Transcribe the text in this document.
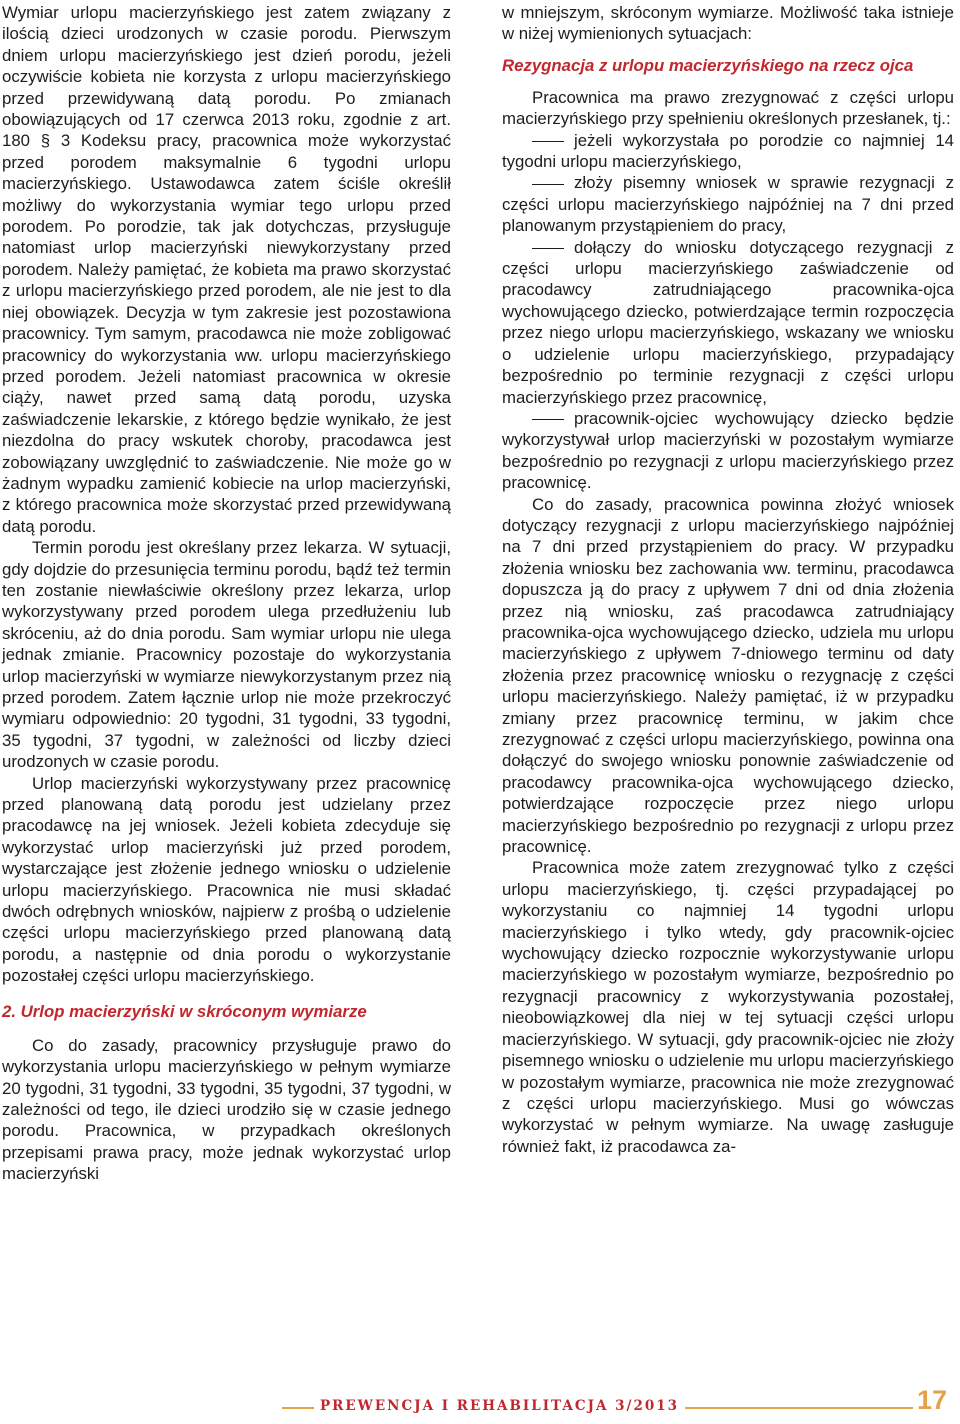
Wymiar urlopu macierzyńskiego jest zatem związany z ilością dzieci urodzonych w czasie porodu. Pierwszym dniem urlopu macierzyńskiego jest dzień porodu, jeżeli oczywiście kobieta nie korzysta z urlopu macierzyńskiego przed przewidywaną datą porodu. Po zmianach obowiązujących od 17 czerwca 2013 roku, zgodnie z art. 180 § 3 Kodeksu pracy, pracownica może wykorzystać przed porodem maksymalnie 6 tygodni urlopu macierzyńskiego. Ustawodawca zatem ściśle określił możliwy do wykorzystania wymiar tego urlopu przed porodem. Po porodzie, tak jak dotychczas, przysługuje natomiast urlop macierzyński niewykorzystany przed porodem. Należy pamiętać, że kobieta ma prawo skorzystać z urlopu macierzyńskiego przed porodem, ale nie jest to dla niej obowiązek. Decyzja w tym zakresie jest pozostawiona pracownicy. Tym samym, pracodawca nie może zobligować pracownicy do wykorzystania ww. urlopu macierzyńskiego przed porodem. Jeżeli natomiast pracownica w okresie ciąży, nawet przed samą datą porodu, uzyska zaświadczenie lekarskie, z którego będzie wynikało, że jest niezdolna do pracy wskutek choroby, pracodawca jest zobowiązany uwzględnić to zaświadczenie. Nie może go w żadnym wypadku zamienić kobiecie na urlop macierzyński, z którego pracownica może skorzystać przed przewidywaną datą porodu.

Termin porodu jest określany przez lekarza. W sytuacji, gdy dojdzie do przesunięcia terminu porodu, bądź też termin ten zostanie niewłaściwie określony przez lekarza, urlop wykorzystywany przed porodem ulega przedłużeniu lub skróceniu, aż do dnia porodu. Sam wymiar urlopu nie ulega jednak zmianie. Pracownicy pozostaje do wykorzystania urlop macierzyński w wymiarze niewykorzystanym przez nią przed porodem. Zatem łącznie urlop nie może przekroczyć wymiaru odpowiednio: 20 tygodni, 31 tygodni, 33 tygodni, 35 tygodni, 37 tygodni, w zależności od liczby dzieci urodzonych w czasie porodu.

Urlop macierzyński wykorzystywany przez pracownicę przed planowaną datą porodu jest udzielany przez pracodawcę na jej wniosek. Jeżeli kobieta zdecyduje się wykorzystać urlop macierzyński już przed porodem, wystarczające jest złożenie jednego wniosku o udzielenie urlopu macierzyńskiego. Pracownica nie musi składać dwóch odrębnych wniosków, najpierw z prośbą o udzielenie części urlopu macierzyńskiego przed planowaną datą porodu, a następnie od dnia porodu o wykorzystanie pozostałej części urlopu macierzyńskiego.

2. Urlop macierzyński w skróconym wymiarze

Co do zasady, pracownicy przysługuje prawo do wykorzystania urlopu macierzyńskiego w pełnym wymiarze 20 tygodni, 31 tygodni, 33 tygodni, 35 tygodni, 37 tygodni, w zależności od tego, ile dzieci urodziło się w czasie jednego porodu. Pracownica, w przypadkach określonych przepisami prawa pracy, może jednak wykorzystać urlop macierzyński

w mniejszym, skróconym wymiarze. Możliwość taka istnieje w niżej wymienionych sytuacjach:

Rezygnacja z urlopu macierzyńskiego na rzecz ojca

Pracownica ma prawo zrezygnować z części urlopu macierzyńskiego przy spełnieniu określonych przesłanek, tj.:

jeżeli wykorzystała po porodzie co najmniej 14 tygodni urlopu macierzyńskiego,

złoży pisemny wniosek w sprawie rezygnacji z części urlopu macierzyńskiego najpóźniej na 7 dni przed planowanym przystąpieniem do pracy,

dołączy do wniosku dotyczącego rezygnacji z części urlopu macierzyńskiego zaświadczenie od pracodawcy zatrudniającego pracownika-ojca wychowującego dziecko, potwierdzające termin rozpoczęcia przez niego urlopu macierzyńskiego, wskazany we wniosku o udzielenie urlopu macierzyńskiego, przypadający bezpośrednio po terminie rezygnacji z części urlopu macierzyńskiego przez pracownicę,

pracownik-ojciec wychowujący dziecko będzie wykorzystywał urlop macierzyński w pozostałym wymiarze bezpośrednio po rezygnacji z urlopu macierzyńskiego przez pracownicę.

Co do zasady, pracownica powinna złożyć wniosek dotyczący rezygnacji z urlopu macierzyńskiego najpóźniej na 7 dni przed przystąpieniem do pracy. W przypadku złożenia wniosku bez zachowania ww. terminu, pracodawca dopuszcza ją do pracy z upływem 7 dni od dnia złożenia przez nią wniosku, zaś pracodawca zatrudniający pracownika-ojca wychowującego dziecko, udziela mu urlopu macierzyńskiego z upływem 7-dniowego terminu od daty złożenia przez pracownicę wniosku o rezygnację z części urlopu macierzyńskiego. Należy pamiętać, iż w przypadku zmiany przez pracownicę terminu, w jakim chce zrezygnować z części urlopu macierzyńskiego, powinna ona dołączyć do swojego wniosku ponownie zaświadczenie od pracodawcy pracownika-ojca wychowującego dziecko, potwierdzające rozpoczęcie przez niego urlopu macierzyńskiego bezpośrednio po rezygnacji z urlopu przez pracownicę.

Pracownica może zatem zrezygnować tylko z części urlopu macierzyńskiego, tj. części przypadającej po wykorzystaniu co najmniej 14 tygodni urlopu macierzyńskiego i tylko wtedy, gdy pracownik-ojciec wychowujący dziecko rozpocznie wykorzystywanie urlopu macierzyńskiego w pozostałym wymiarze, bezpośrednio po rezygnacji pracownicy z wykorzystywania pozostałej, nieobowiązkowej dla niej w tej sytuacji części urlopu macierzyńskiego. W sytuacji, gdy pracownik-ojciec nie złoży pisemnego wniosku o udzielenie mu urlopu macierzyńskiego w pozostałym wymiarze, pracownica nie może zrezygnować z części urlopu macierzyńskiego. Musi go wówczas wykorzystać w pełnym wymiarze. Na uwagę zasługuje również fakt, iż pracodawca za-

PREWENCJA I REHABILITACJA 3/2013	17
